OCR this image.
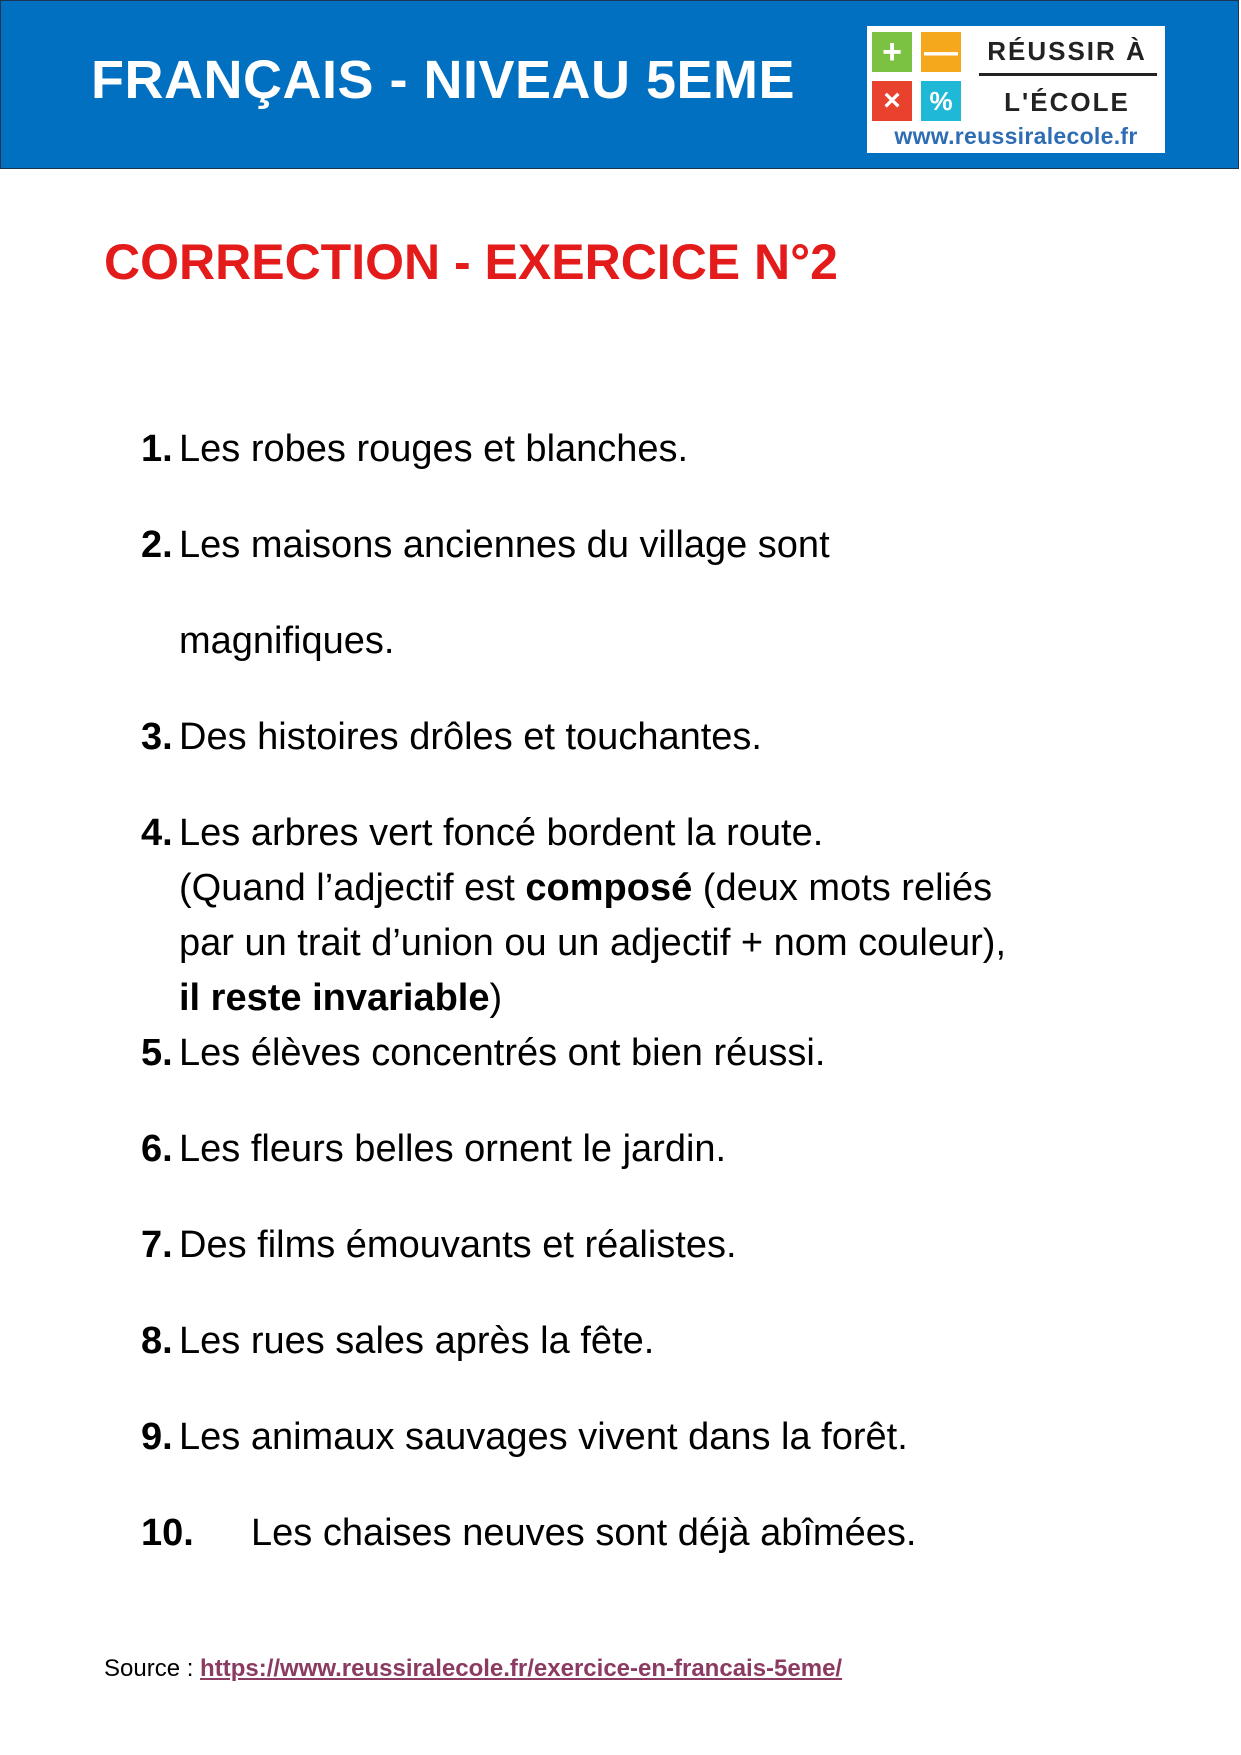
FRANÇAIS - NIVEAU 5EME	+ —
×	%
RÉUSSIR À
L'ÉCOLE
www.reussiralecole.fr
CORRECTION - EXERCICE N°2
1. Les robes rouges et blanches.
2. Les maisons anciennes du village sont
magnifiques.
3. Des histoires drôles et touchantes.
4. Les arbres vert foncé bordent la route.
(Quand l’adjectif est composé (deux mots reliés
par un trait d’union ou un adjectif + nom couleur),
il reste invariable)
5. Les élèves concentrés ont bien réussi.
6. Les fleurs belles ornent le jardin.
7. Des films émouvants et réalistes.
8. Les rues sales après la fête.
9. Les animaux sauvages vivent dans la forêt.
10. Les chaises neuves sont déjà abîmées.
Source : https://www.reussiralecole.fr/exercice-en-francais-5eme/
